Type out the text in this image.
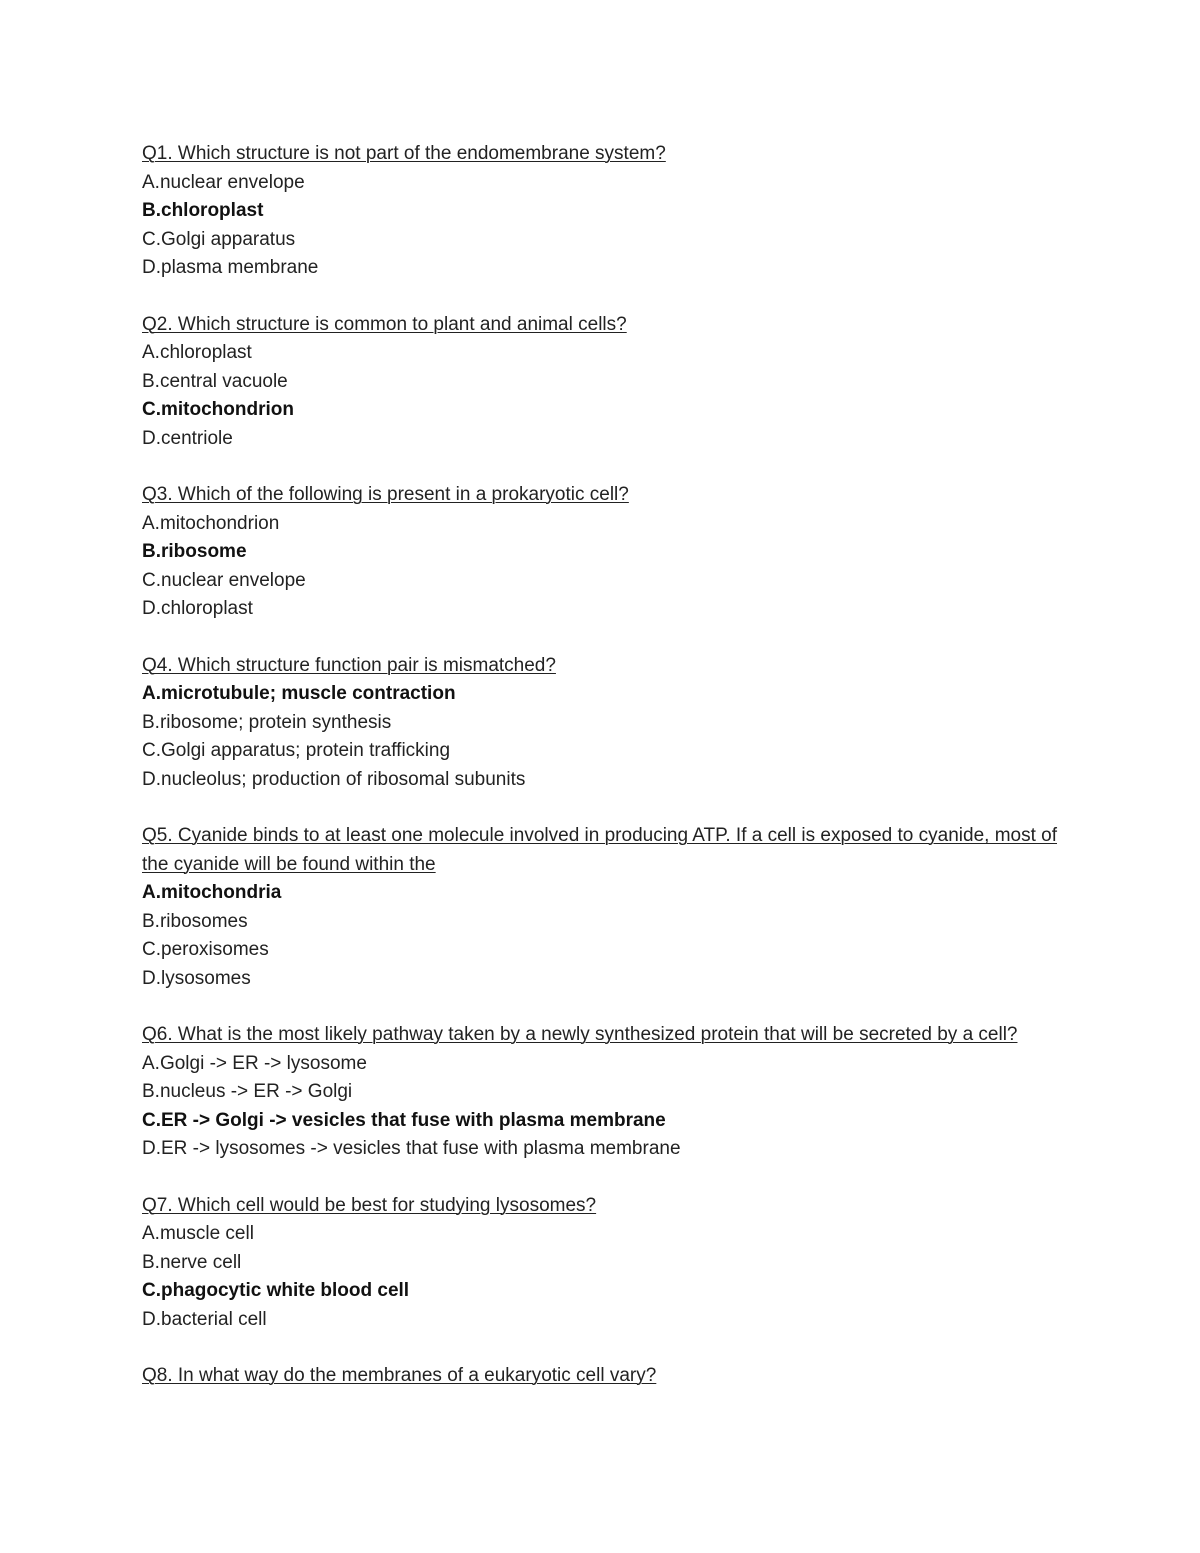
Q1. Which structure is not part of the endomembrane system?
A.nuclear envelope
B.chloroplast
C.Golgi apparatus
D.plasma membrane
Q2. Which structure is common to plant and animal cells?
A.chloroplast
B.central vacuole
C.mitochondrion
D.centriole
Q3. Which of the following is present in a prokaryotic cell?
A.mitochondrion
B.ribosome
C.nuclear envelope
D.chloroplast
Q4. Which structure function pair is mismatched?
A.microtubule; muscle contraction
B.ribosome; protein synthesis
C.Golgi apparatus; protein trafficking
D.nucleolus; production of ribosomal subunits
Q5. Cyanide binds to at least one molecule involved in producing ATP. If a cell is exposed to cyanide, most of the cyanide will be found within the
A.mitochondria
B.ribosomes
C.peroxisomes
D.lysosomes
Q6. What is the most likely pathway taken by a newly synthesized protein that will be secreted by a cell?
A.Golgi -> ER -> lysosome
B.nucleus -> ER -> Golgi
C.ER -> Golgi -> vesicles that fuse with plasma membrane
D.ER -> lysosomes -> vesicles that fuse with plasma membrane
Q7. Which cell would be best for studying lysosomes?
A.muscle cell
B.nerve cell
C.phagocytic white blood cell
D.bacterial cell
Q8. In what way do the membranes of a eukaryotic cell vary?
